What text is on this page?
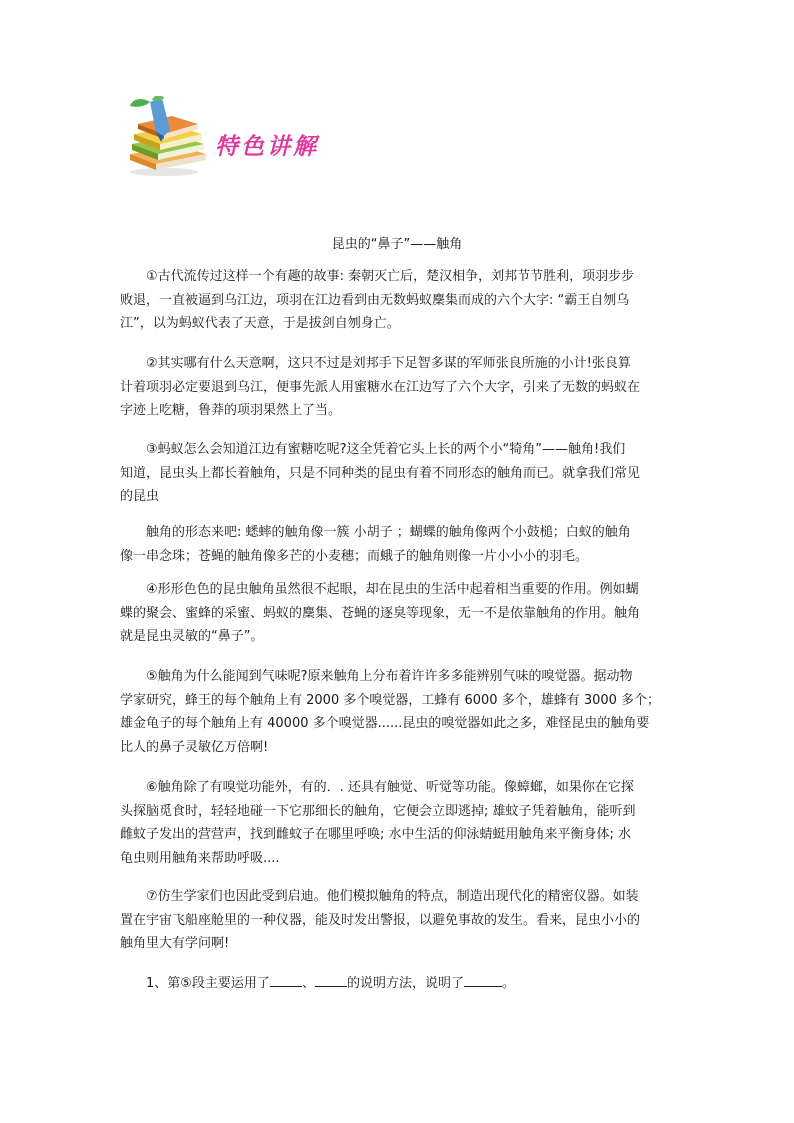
特色讲解
昆虫的“鼻子”——触角
①古代流传过这样一个有趣的故事: 秦朝灭亡后，楚汉相争，刘邦节节胜利，项羽步步
败退，一直被逼到乌江边，项羽在江边看到由无数蚂蚁麇集而成的六个大字: “霸王自刎乌
江”，以为蚂蚁代表了天意，于是拔剑自刎身亡。
②其实哪有什么天意啊，这只不过是刘邦手下足智多谋的军师张良所施的小计!张良算
计着项羽必定要退到乌江，便事先派人用蜜糖水在江边写了六个大字，引来了无数的蚂蚁在
字迹上吃糖，鲁莽的项羽果然上了当。
③蚂蚁怎么会知道江边有蜜糖吃呢?这全凭着它头上长的两个小“犄角”——触角!我们
知道，昆虫头上都长着触角，只是不同种类的昆虫有着不同形态的触角而已。就拿我们常见
的昆虫
触角的形态来吧: 蟋蟀的触角像一簇 小胡子 ；蝴蝶的触角像两个小鼓槌；白蚁的触角
像一串念珠；苍蝇的触角像多芒的小麦穗；而蛾子的触角则像一片小小小的羽毛。
④形形色色的昆虫触角虽然很不起眼，却在昆虫的生活中起着相当重要的作用。例如蝴
蝶的聚会、蜜蜂的采蜜、蚂蚁的麇集、苍蝇的逐臭等现象，无一不是依靠触角的作用。触角
就是昆虫灵敏的“鼻子”。
⑤触角为什么能闻到气味呢?原来触角上分布着许许多多能辨别气味的嗅觉器。据动物
学家研究，蜂王的每个触角上有 2000 多个嗅觉器，工蜂有 6000 多个，雄蜂有 3000 多个；
雄金龟子的每个触角上有 40000 多个嗅觉器......昆虫的嗅觉器如此之多，难怪昆虫的触角要
比人的鼻子灵敏亿万倍啊!
⑥触角除了有嗅觉功能外，有的．. 还具有触觉、听觉等功能。像蟑螂，如果你在它探
头探脑觅食时，轻轻地碰一下它那细长的触角，它便会立即逃掉; 雄蚊子凭着触角，能听到
雌蚊子发出的营营声，找到雌蚊子在哪里呼唤; 水中生活的仰泳蜻蜓用触角来平衡身体; 水
龟虫则用触角来帮助呼吸....
⑦仿生学家们也因此受到启迪。他们模拟触角的特点，制造出现代化的精密仪器。如装
置在宇宙飞船座舱里的一种仪器，能及时发出警报，以避免事故的发生。看来，昆虫小小的
触角里大有学问啊!
1、第⑤段主要运用了 、 的说明方法，说明了	。
